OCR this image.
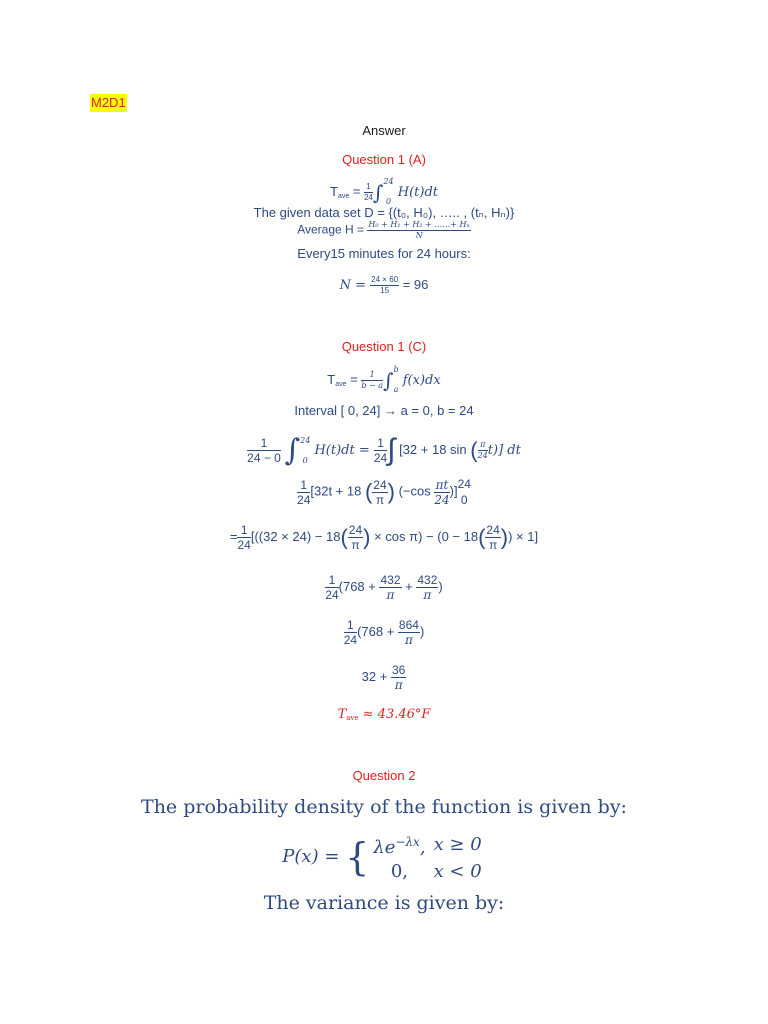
M2D1
Answer
Question 1 (A)
$T_{ave} = \frac{1}{24}$ ∫ 24
0
H(t)dt
The given data set D = {(t₀, H₀), ….. , (tₙ, Hₙ)}
Average $H = \frac{\text{H₀ + H₁ + H₂ + ……+ Hₙ}}{N}$
Every15 minutes for 24 hours:
$N = \frac{24 \times 60}{15} = 96$
Question 1 (C)
$T_{ave} = \frac{1}{b - a}$ ∫ b
a
f(x)dx
Interval [ 0, 24] → a = 0, b = 24
$\frac{1}{24 - 0}$ ∫ 24
0
$H(t)dt = \frac{1}{24}$ ∫ [32 + 18 sin ( $\frac{\pi}{24} t$)] dt
$\frac{1}{24} [32t + 18$ ( $\frac{24}{\pi}$ ) ($-\cos \frac{\pi t}{24}$ )] 24
0
= $\frac{1}{24} [((32 \times 24) - 18( \frac{24}{\pi}$ ) × $\cos \pi) - (0 - 18( \frac{24}{\pi}$ )) × 1]
$\frac{1}{24} (768 + \frac{432}{\pi} + \frac{432}{\pi}$ )
$\frac{1}{24} (768 + \frac{864}{\pi}$ )
$32 + \frac{36}{\pi}$
$T_{ave} \approx 43.46^\circ F$
Question 2
The probability density of the function is given by:
P(x) = { $\lambda e^{-\lambda x}$,	x ≥ 0
0,	x < 0
The variance is given by:
